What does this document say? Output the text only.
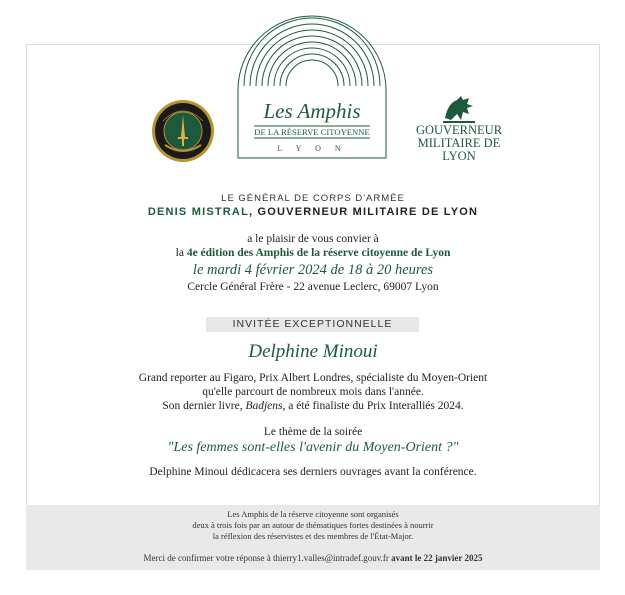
Les Amphis
DE LA RÉSERVE CITOYENNE
L Y O N
GOUVERNEUR
MILITAIRE DE
LYON
LE GÉNÉRAL DE CORPS D'ARMÉE
DENIS MISTRAL, GOUVERNEUR MILITAIRE DE LYON
a le plaisir de vous convier à
la 4e édition des Amphis de la réserve citoyenne de Lyon
le mardi 4 février 2024 de 18 à 20 heures
Cercle Général Frère - 22 avenue Leclerc, 69007 Lyon
INVITÉE EXCEPTIONNELLE
Delphine Minoui
Grand reporter au Figaro, Prix Albert Londres, spécialiste du Moyen-Orient
qu'elle parcourt de nombreux mois dans l'année.
Son dernier livre, Badjens, a été finaliste du Prix Interalliés 2024.
Le thème de la soirée
"Les femmes sont-elles l'avenir du Moyen-Orient ?"
Delphine Minoui dédicacera ses derniers ouvrages avant la conférence.
Les Amphis de la réserve citoyenne sont organisés
deux à trois fois par an autour de thématiques fortes destinées à nourrir
la réflexion des réservistes et des membres de l'État-Major.
Merci de confirmer votre réponse à thierry1.valles@intradef.gouv.fr avant le 22 janvier 2025
